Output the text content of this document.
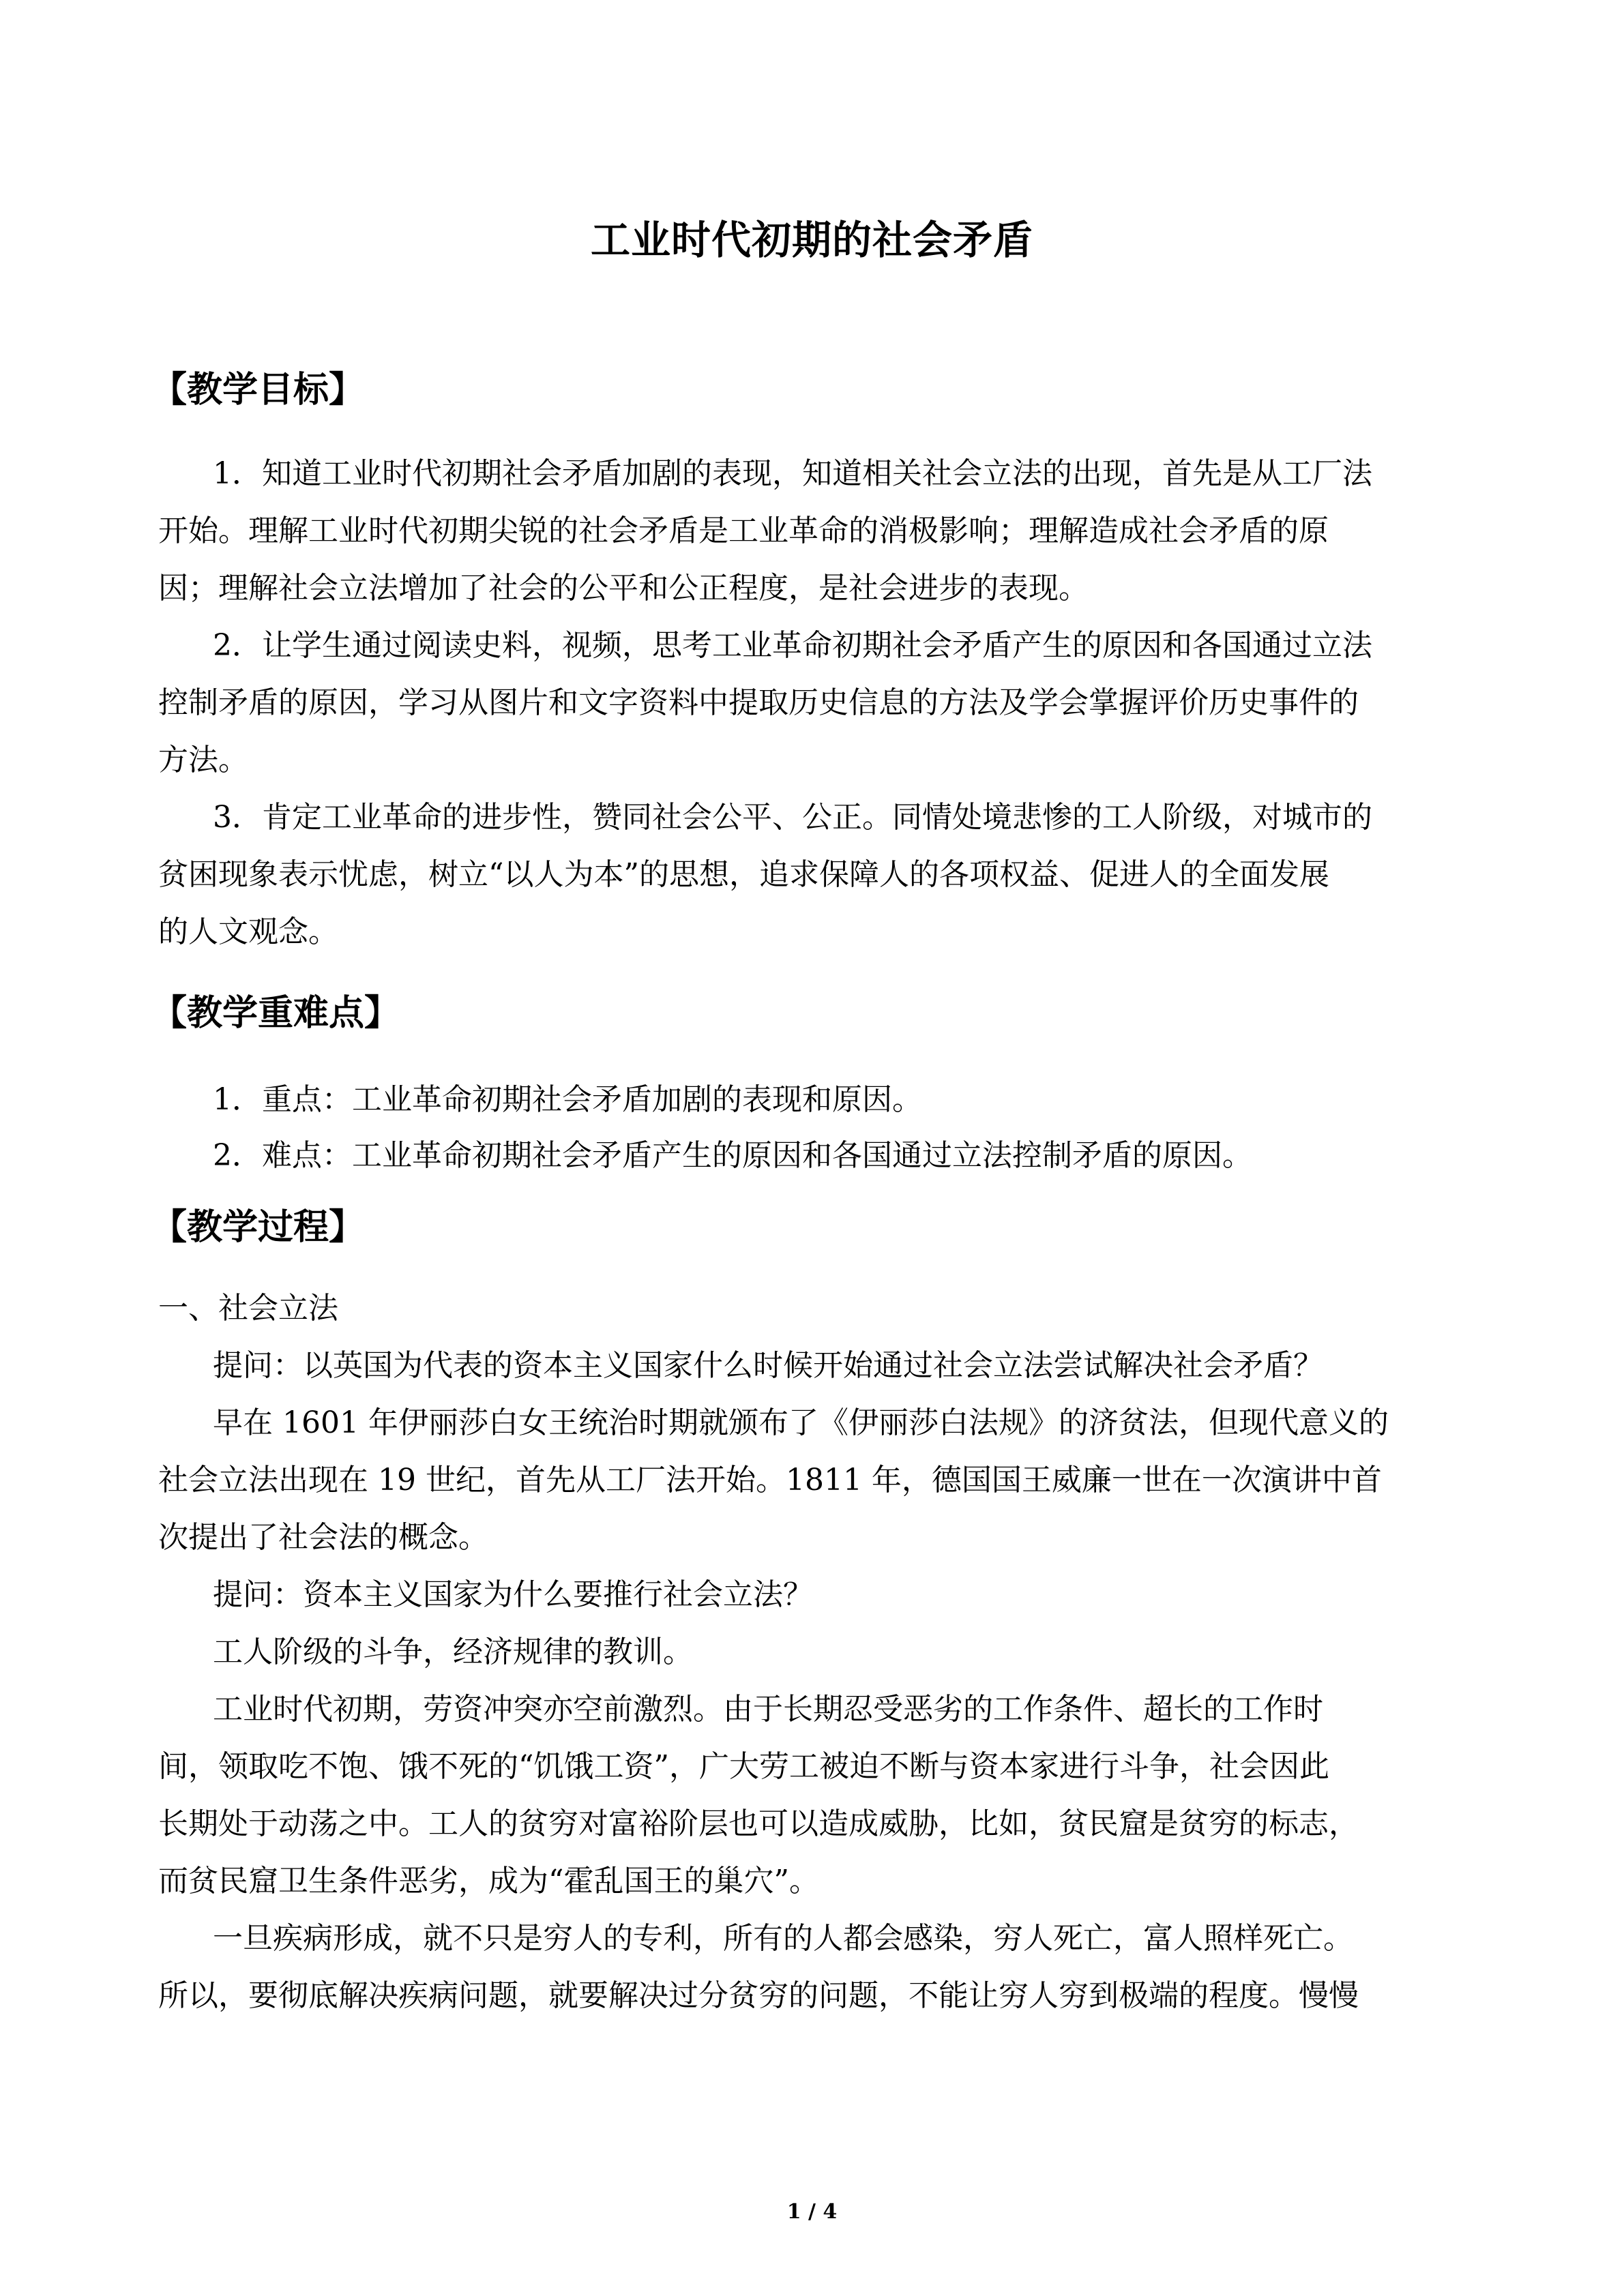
工业时代初期的社会矛盾
【教学目标】
1．知道工业时代初期社会矛盾加剧的表现，知道相关社会立法的出现，首先是从工厂法
开始。理解工业时代初期尖锐的社会矛盾是工业革命的消极影响；理解造成社会矛盾的原
因；理解社会立法增加了社会的公平和公正程度，是社会进步的表现。
2．让学生通过阅读史料，视频，思考工业革命初期社会矛盾产生的原因和各国通过立法
控制矛盾的原因，学习从图片和文字资料中提取历史信息的方法及学会掌握评价历史事件的
方法。
3．肯定工业革命的进步性，赞同社会公平、公正。同情处境悲惨的工人阶级，对城市的
贫困现象表示忧虑，树立“以人为本”的思想，追求保障人的各项权益、促进人的全面发展
的人文观念。
【教学重难点】
1．重点：工业革命初期社会矛盾加剧的表现和原因。
2．难点：工业革命初期社会矛盾产生的原因和各国通过立法控制矛盾的原因。
【教学过程】
一、社会立法
提问：以英国为代表的资本主义国家什么时候开始通过社会立法尝试解决社会矛盾？
早在 1601 年伊丽莎白女王统治时期就颁布了《伊丽莎白法规》的济贫法，但现代意义的
社会立法出现在 19 世纪，首先从工厂法开始。1811 年，德国国王威廉一世在一次演讲中首
次提出了社会法的概念。
提问：资本主义国家为什么要推行社会立法？
工人阶级的斗争，经济规律的教训。
工业时代初期，劳资冲突亦空前激烈。由于长期忍受恶劣的工作条件、超长的工作时
间，领取吃不饱、饿不死的“饥饿工资”，广大劳工被迫不断与资本家进行斗争，社会因此
长期处于动荡之中。工人的贫穷对富裕阶层也可以造成威胁，比如，贫民窟是贫穷的标志，
而贫民窟卫生条件恶劣，成为“霍乱国王的巢穴”。
一旦疾病形成，就不只是穷人的专利，所有的人都会感染，穷人死亡，富人照样死亡。
所以，要彻底解决疾病问题，就要解决过分贫穷的问题，不能让穷人穷到极端的程度。慢慢
1 / 4
